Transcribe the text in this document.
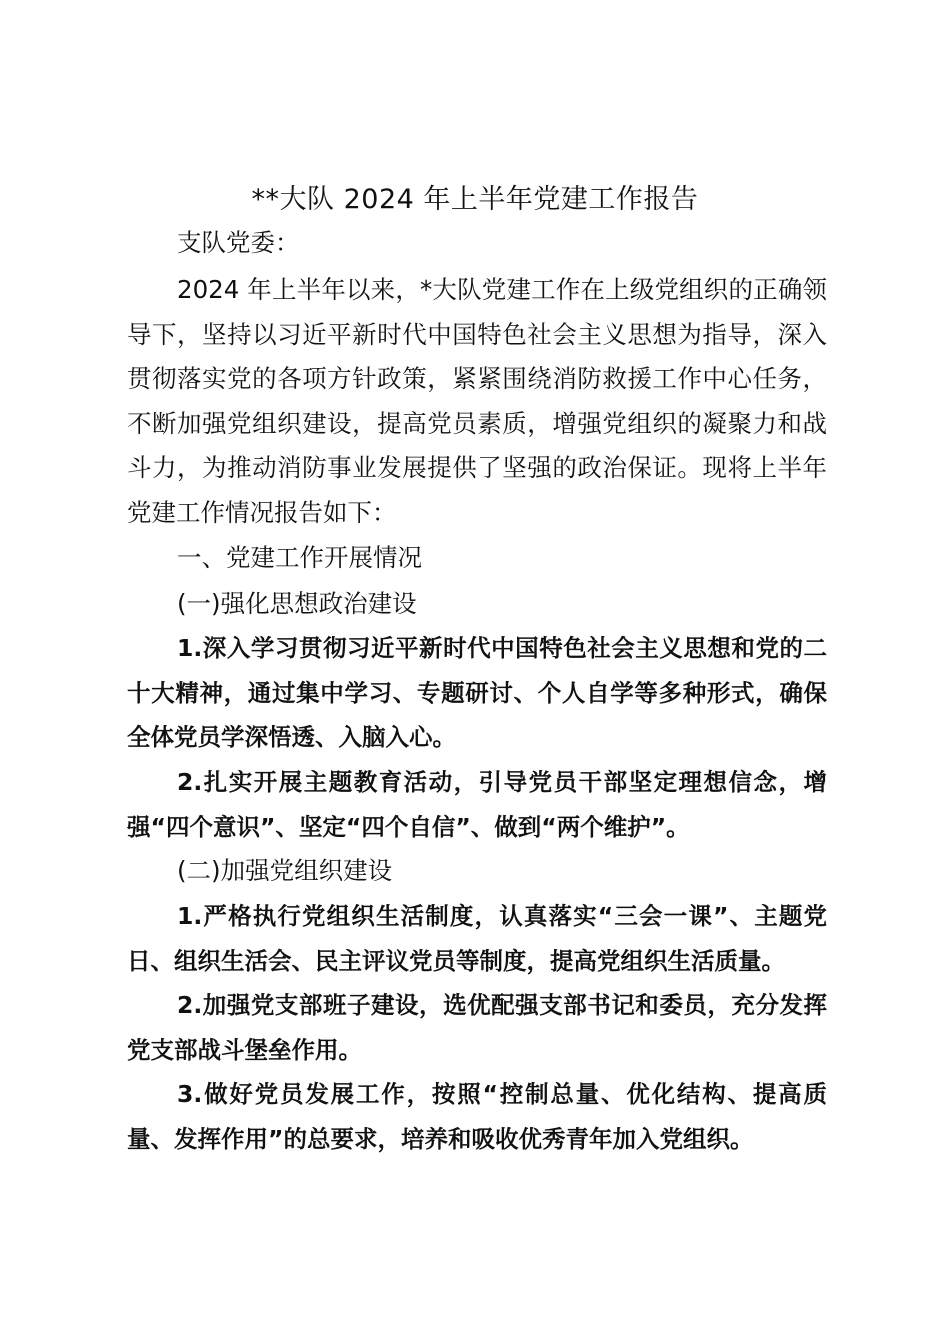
**大队 2024 年上半年党建工作报告
支队党委：

2024 年上半年以来，*大队党建工作在上级党组织的正确领导下，坚持以习近平新时代中国特色社会主义思想为指导，深入贯彻落实党的各项方针政策，紧紧围绕消防救援工作中心任务，不断加强党组织建设，提高党员素质，增强党组织的凝聚力和战斗力，为推动消防事业发展提供了坚强的政治保证。现将上半年党建工作情况报告如下：

一、党建工作开展情况
(一)强化思想政治建设

1.深入学习贯彻习近平新时代中国特色社会主义思想和党的二十大精神，通过集中学习、专题研讨、个人自学等多种形式，确保全体党员学深悟透、入脑入心。

2.扎实开展主题教育活动，引导党员干部坚定理想信念，增强“四个意识”、坚定“四个自信”、做到“两个维护”。

(二)加强党组织建设

1.严格执行党组织生活制度，认真落实“三会一课”、主题党日、组织生活会、民主评议党员等制度，提高党组织生活质量。

2.加强党支部班子建设，选优配强支部书记和委员，充分发挥党支部战斗堡垒作用。

3.做好党员发展工作，按照“控制总量、优化结构、提高质量、发挥作用”的总要求，培养和吸收优秀青年加入党组织。
